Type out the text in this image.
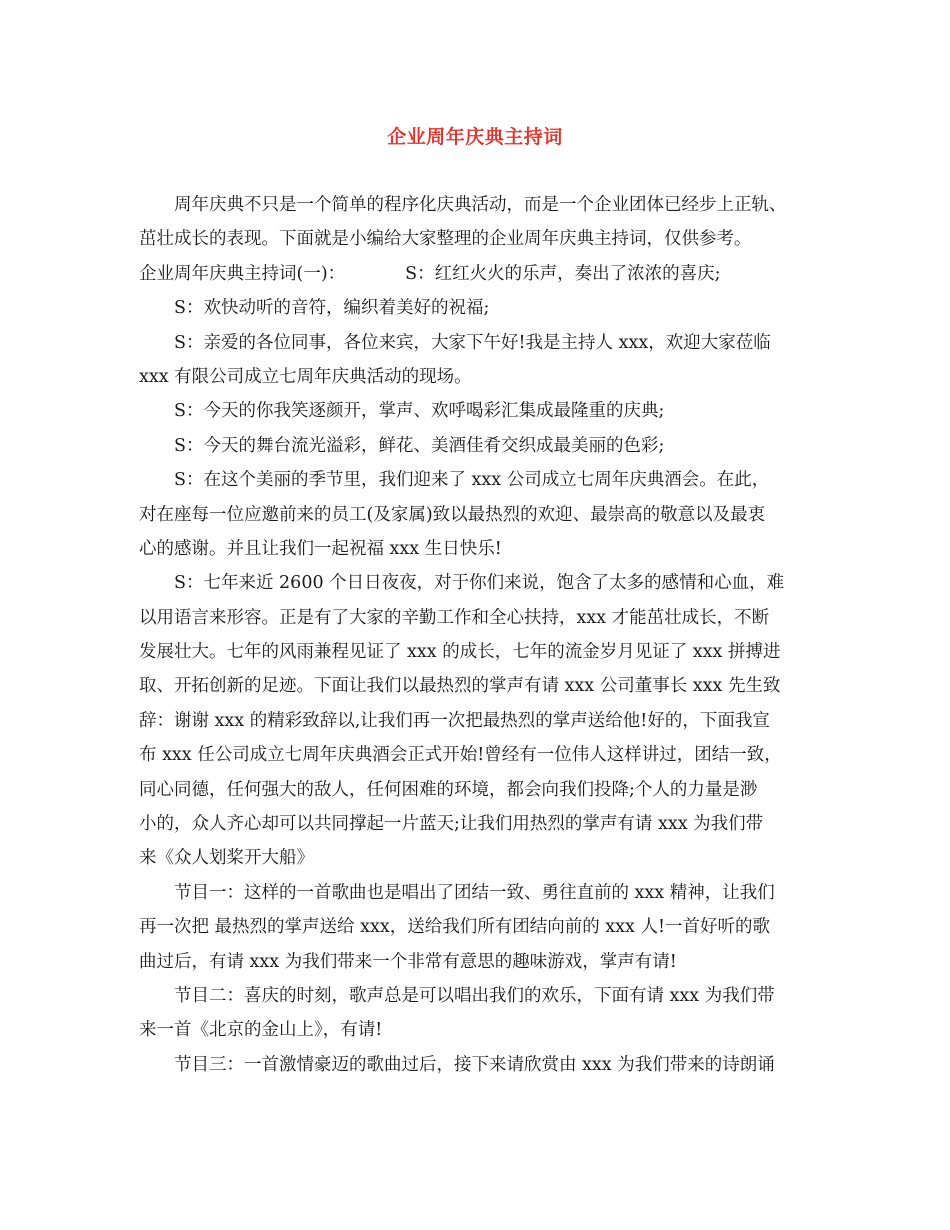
企业周年庆典主持词
周年庆典不只是一个简单的程序化庆典活动，而是一个企业团体已经步上正轨、
茁壮成长的表现。下面就是小编给大家整理的企业周年庆典主持词，仅供参考。
企业周年庆典主持词(一)：	S：红红火火的乐声，奏出了浓浓的喜庆;
S：欢快动听的音符，编织着美好的祝福;
S：亲爱的各位同事，各位来宾，大家下午好!我是主持人 xxx，欢迎大家莅临
xxx 有限公司成立七周年庆典活动的现场。
S：今天的你我笑逐颜开，掌声、欢呼喝彩汇集成最隆重的庆典;
S：今天的舞台流光溢彩，鲜花、美酒佳肴交织成最美丽的色彩;
S：在这个美丽的季节里，我们迎来了 xxx 公司成立七周年庆典酒会。在此，
对在座每一位应邀前来的员工(及家属)致以最热烈的欢迎、最崇高的敬意以及最衷
心的感谢。并且让我们一起祝福 xxx 生日快乐!
S：七年来近 2600 个日日夜夜，对于你们来说，饱含了太多的感情和心血，难
以用语言来形容。正是有了大家的辛勤工作和全心扶持，xxx 才能茁壮成长，不断
发展壮大。七年的风雨兼程见证了 xxx 的成长，七年的流金岁月见证了 xxx 拼搏进
取、开拓创新的足迹。下面让我们以最热烈的掌声有请 xxx 公司董事长 xxx 先生致
辞：谢谢 xxx 的精彩致辞以,让我们再一次把最热烈的掌声送给他!好的，下面我宣
布 xxx 任公司成立七周年庆典酒会正式开始!曾经有一位伟人这样讲过，团结一致，
同心同德，任何强大的敌人，任何困难的环境，都会向我们投降;个人的力量是渺
小的，众人齐心却可以共同撑起一片蓝天;让我们用热烈的掌声有请 xxx 为我们带
来《众人划桨开大船》
节目一：这样的一首歌曲也是唱出了团结一致、勇往直前的 xxx 精神，让我们
再一次把 最热烈的掌声送给 xxx，送给我们所有团结向前的 xxx 人!一首好听的歌
曲过后，有请 xxx 为我们带来一个非常有意思的趣味游戏，掌声有请!
节目二：喜庆的时刻，歌声总是可以唱出我们的欢乐，下面有请 xxx 为我们带
来一首《北京的金山上》，有请!
节目三：一首激情豪迈的歌曲过后，接下来请欣赏由 xxx 为我们带来的诗朗诵
